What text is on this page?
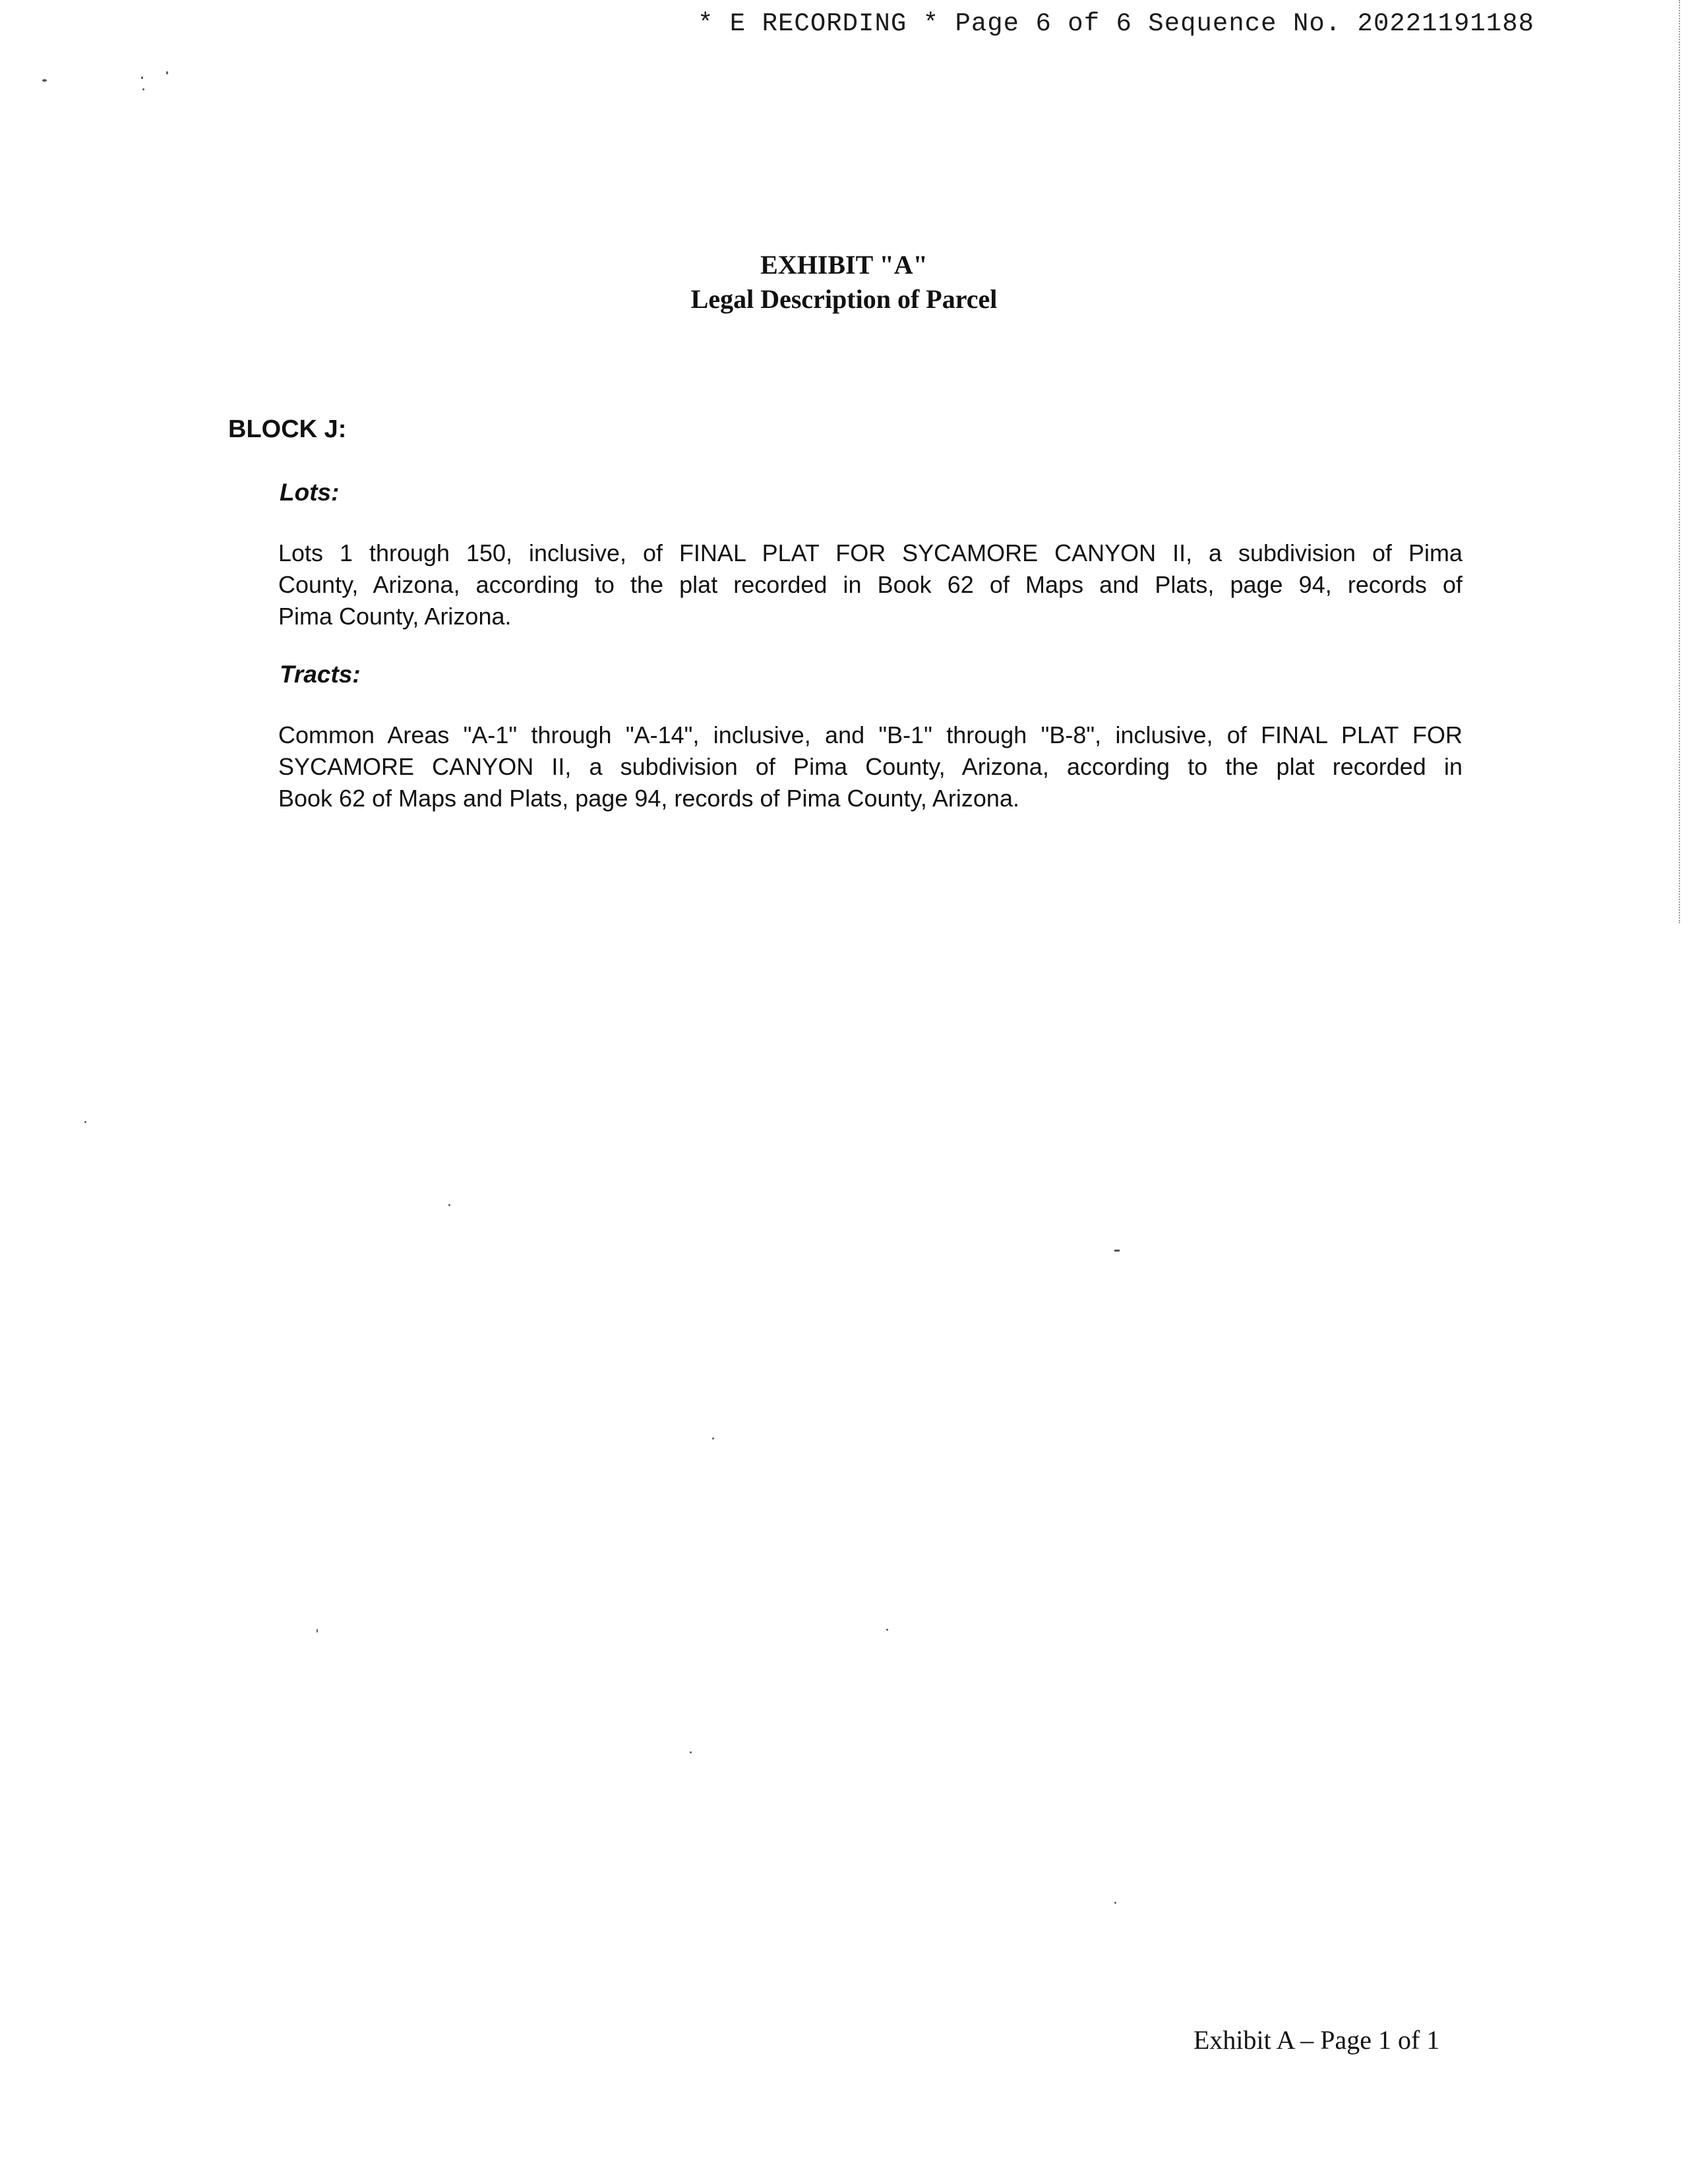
* E RECORDING * Page 6 of 6 Sequence No. 20221191188
EXHIBIT "A"
Legal Description of Parcel
BLOCK J:
Lots:
Lots 1 through 150, inclusive, of FINAL PLAT FOR SYCAMORE CANYON II, a subdivision of Pima
County, Arizona, according to the plat recorded in Book 62 of Maps and Plats, page 94, records of
Pima County, Arizona.
Tracts:
Common Areas "A-1" through "A-14", inclusive, and "B-1" through "B-8", inclusive, of FINAL PLAT FOR
SYCAMORE CANYON II, a subdivision of Pima County, Arizona, according to the plat recorded in
Book 62 of Maps and Plats, page 94, records of Pima County, Arizona.
Exhibit A – Page 1 of 1
